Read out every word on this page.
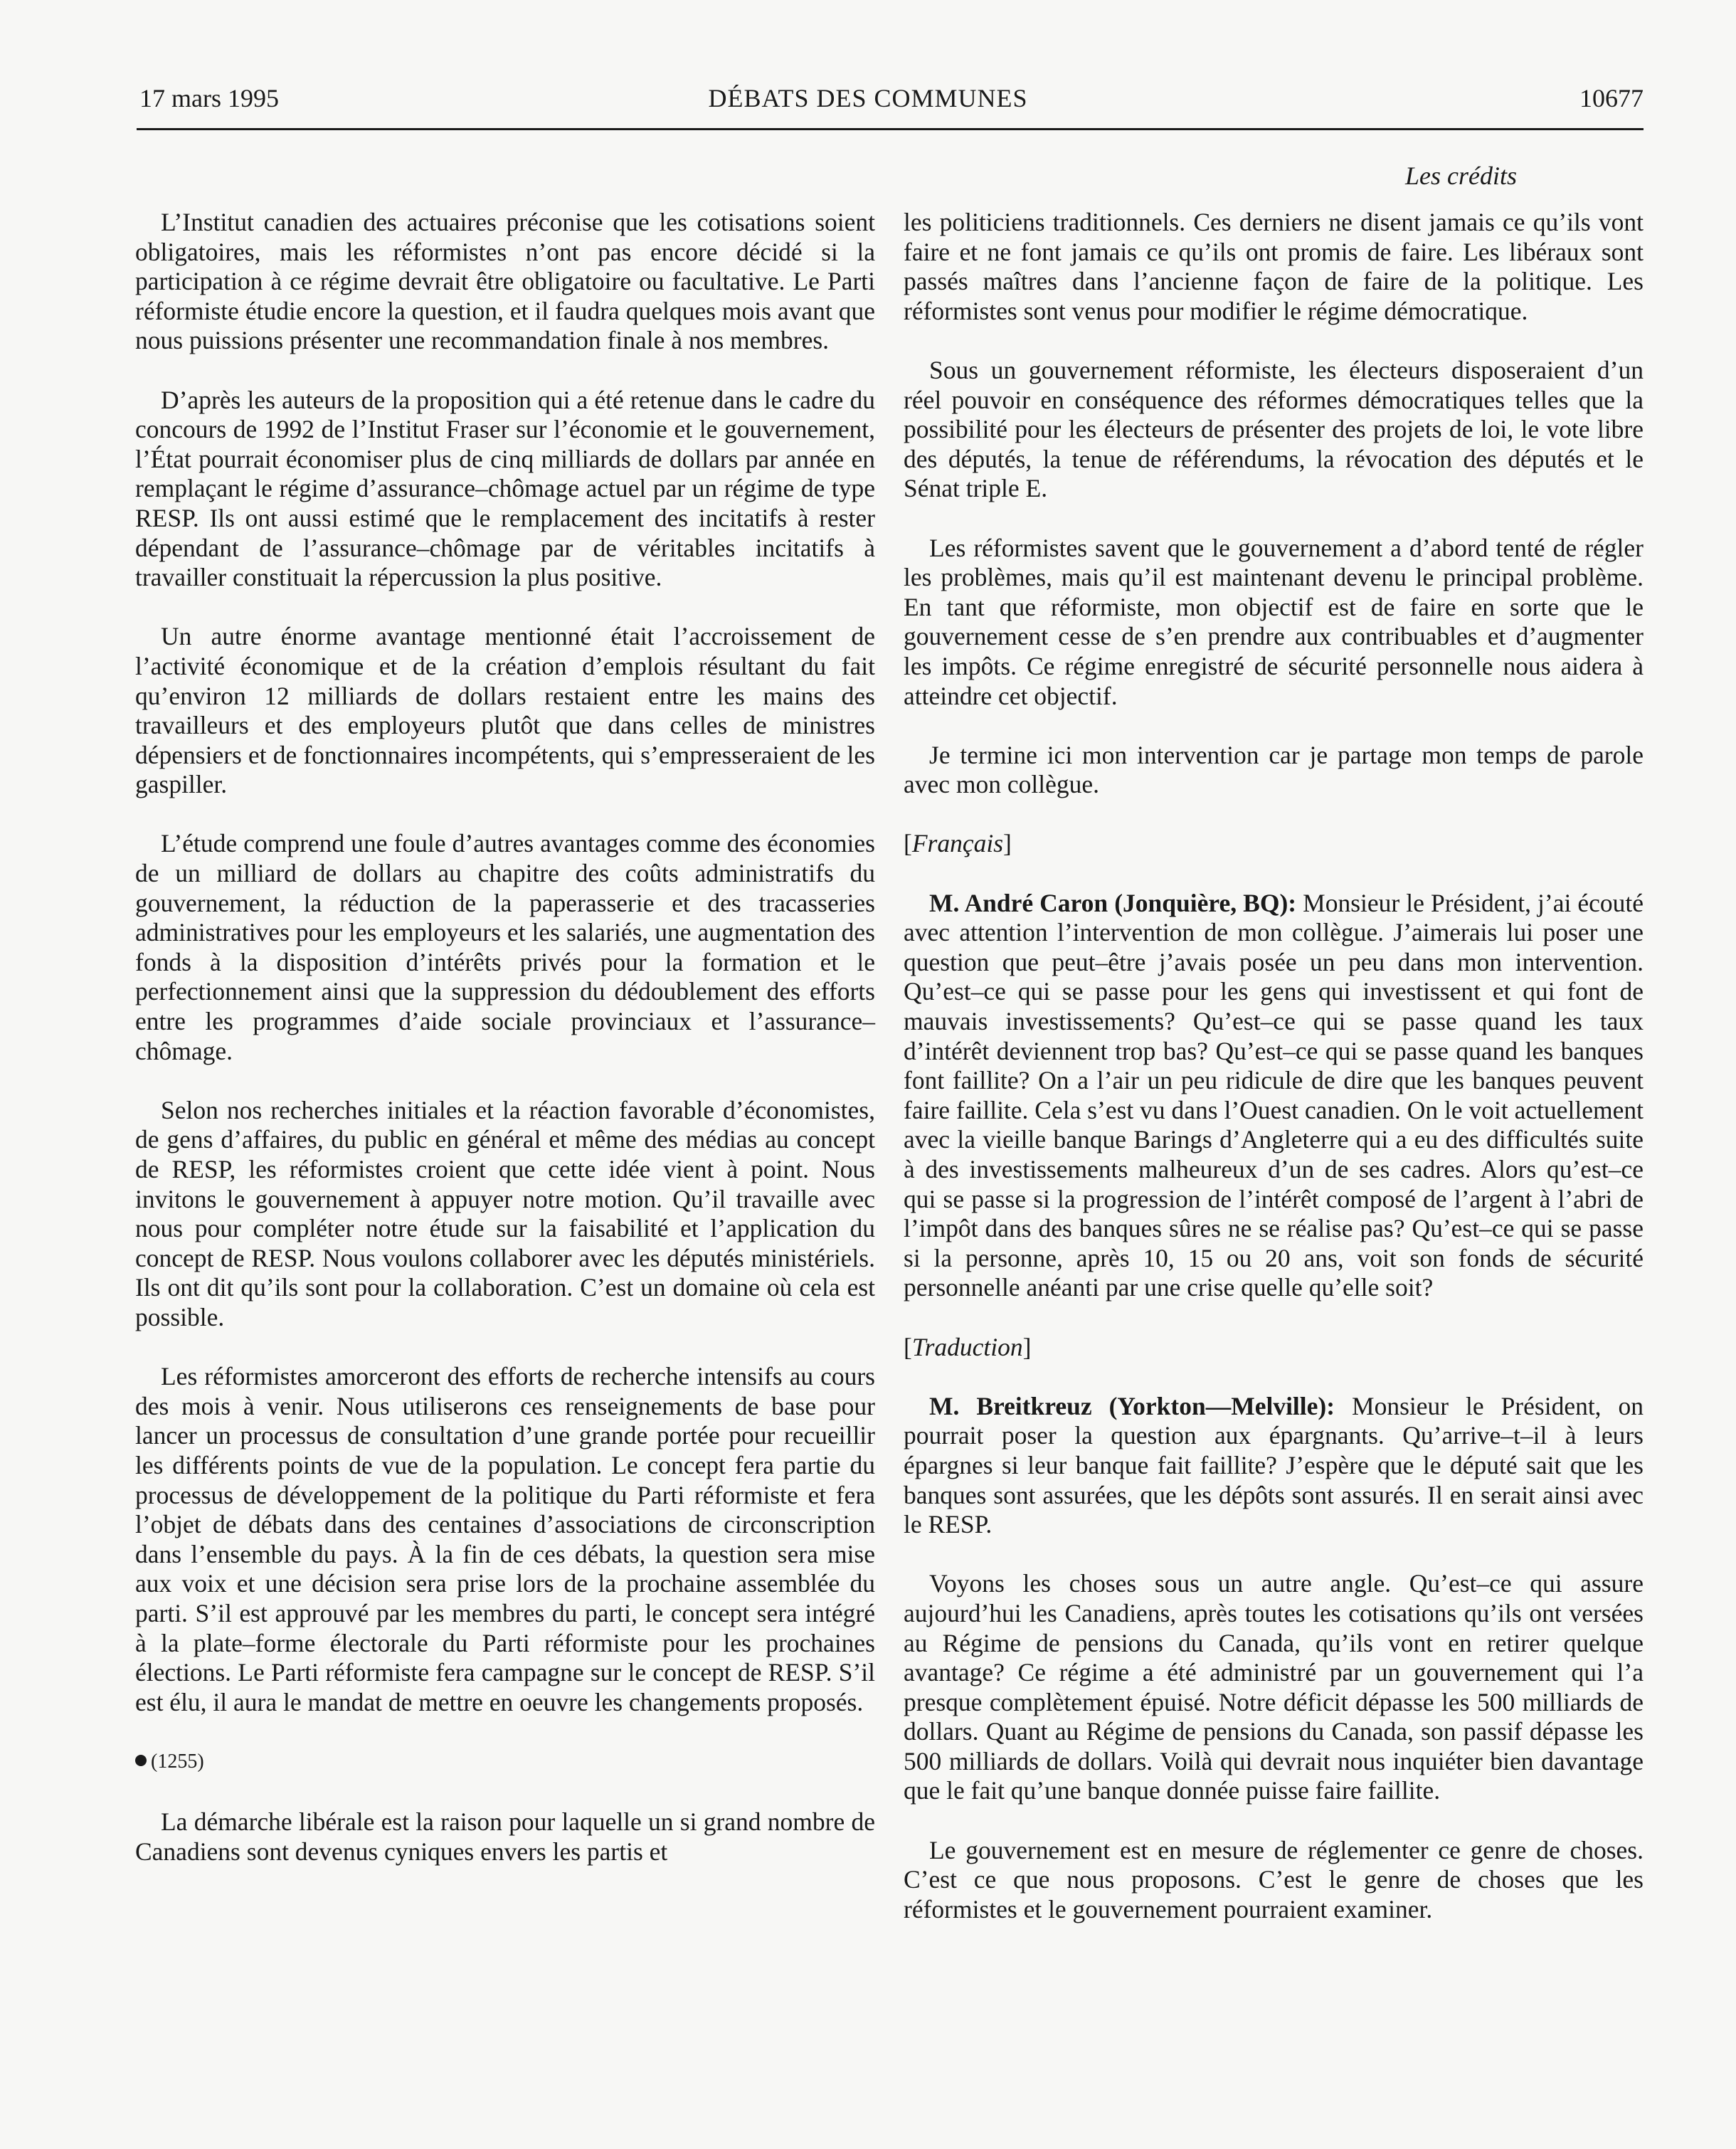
17 mars 1995	DÉBATS DES COMMUNES	10677
Les crédits

L’Institut canadien des actuaires préconise que les cotisations soient obligatoires, mais les réformistes n’ont pas encore décidé si la participation à ce régime devrait être obligatoire ou facultative. Le Parti réformiste étudie encore la question, et il faudra quelques mois avant que nous puissions présenter une recommandation finale à nos membres.

D’après les auteurs de la proposition qui a été retenue dans le cadre du concours de 1992 de l’Institut Fraser sur l’économie et le gouvernement, l’État pourrait économiser plus de cinq milliards de dollars par année en remplaçant le régime d’assurance–chômage actuel par un régime de type RESP. Ils ont aussi estimé que le remplacement des incitatifs à rester dépendant de l’assurance–chômage par de véritables incitatifs à travailler constituait la répercussion la plus positive.

Un autre énorme avantage mentionné était l’accroissement de l’activité économique et de la création d’emplois résultant du fait qu’environ 12 milliards de dollars restaient entre les mains des travailleurs et des employeurs plutôt que dans celles de ministres dépensiers et de fonctionnaires incompétents, qui s’empresseraient de les gaspiller.

L’étude comprend une foule d’autres avantages comme des économies de un milliard de dollars au chapitre des coûts administratifs du gouvernement, la réduction de la paperasserie et des tracasseries administratives pour les employeurs et les salariés, une augmentation des fonds à la disposition d’intérêts privés pour la formation et le perfectionnement ainsi que la suppression du dédoublement des efforts entre les programmes d’aide sociale provinciaux et l’assurance–chômage.

Selon nos recherches initiales et la réaction favorable d’économistes, de gens d’affaires, du public en général et même des médias au concept de RESP, les réformistes croient que cette idée vient à point. Nous invitons le gouvernement à appuyer notre motion. Qu’il travaille avec nous pour compléter notre étude sur la faisabilité et l’application du concept de RESP. Nous voulons collaborer avec les députés ministériels. Ils ont dit qu’ils sont pour la collaboration. C’est un domaine où cela est possible.

Les réformistes amorceront des efforts de recherche intensifs au cours des mois à venir. Nous utiliserons ces renseignements de base pour lancer un processus de consultation d’une grande portée pour recueillir les différents points de vue de la population. Le concept fera partie du processus de développement de la politique du Parti réformiste et fera l’objet de débats dans des centaines d’associations de circonscription dans l’ensemble du pays. À la fin de ces débats, la question sera mise aux voix et une décision sera prise lors de la prochaine assemblée du parti. S’il est approuvé par les membres du parti, le concept sera intégré à la plate–forme électorale du Parti réformiste pour les prochaines élections. Le Parti réformiste fera campagne sur le concept de RESP. S’il est élu, il aura le mandat de mettre en oeuvre les changements proposés.

(1255)

La démarche libérale est la raison pour laquelle un si grand nombre de Canadiens sont devenus cyniques envers les partis et

les politiciens traditionnels. Ces derniers ne disent jamais ce qu’ils vont faire et ne font jamais ce qu’ils ont promis de faire. Les libéraux sont passés maîtres dans l’ancienne façon de faire de la politique. Les réformistes sont venus pour modifier le régime démocratique.

Sous un gouvernement réformiste, les électeurs disposeraient d’un réel pouvoir en conséquence des réformes démocratiques telles que la possibilité pour les électeurs de présenter des projets de loi, le vote libre des députés, la tenue de référendums, la révocation des députés et le Sénat triple E.

Les réformistes savent que le gouvernement a d’abord tenté de régler les problèmes, mais qu’il est maintenant devenu le principal problème. En tant que réformiste, mon objectif est de faire en sorte que le gouvernement cesse de s’en prendre aux contribuables et d’augmenter les impôts. Ce régime enregistré de sécurité personnelle nous aidera à atteindre cet objectif.

Je termine ici mon intervention car je partage mon temps de parole avec mon collègue.

[Français]

M. André Caron (Jonquière, BQ): Monsieur le Président, j’ai écouté avec attention l’intervention de mon collègue. J’aimerais lui poser une question que peut–être j’avais posée un peu dans mon intervention. Qu’est–ce qui se passe pour les gens qui investissent et qui font de mauvais investissements? Qu’est–ce qui se passe quand les taux d’intérêt deviennent trop bas? Qu’est–ce qui se passe quand les banques font faillite? On a l’air un peu ridicule de dire que les banques peuvent faire faillite. Cela s’est vu dans l’Ouest canadien. On le voit actuellement avec la vieille banque Barings d’Angleterre qui a eu des difficultés suite à des investissements malheureux d’un de ses cadres. Alors qu’est–ce qui se passe si la progression de l’intérêt composé de l’argent à l’abri de l’impôt dans des banques sûres ne se réalise pas? Qu’est–ce qui se passe si la personne, après 10, 15 ou 20 ans, voit son fonds de sécurité personnelle anéanti par une crise quelle qu’elle soit?

[Traduction]

M. Breitkreuz (Yorkton—Melville): Monsieur le Président, on pourrait poser la question aux épargnants. Qu’arrive–t–il à leurs épargnes si leur banque fait faillite? J’espère que le député sait que les banques sont assurées, que les dépôts sont assurés. Il en serait ainsi avec le RESP.

Voyons les choses sous un autre angle. Qu’est–ce qui assure aujourd’hui les Canadiens, après toutes les cotisations qu’ils ont versées au Régime de pensions du Canada, qu’ils vont en retirer quelque avantage? Ce régime a été administré par un gouvernement qui l’a presque complètement épuisé. Notre déficit dépasse les 500 milliards de dollars. Quant au Régime de pensions du Canada, son passif dépasse les 500 milliards de dollars. Voilà qui devrait nous inquiéter bien davantage que le fait qu’une banque donnée puisse faire faillite.

Le gouvernement est en mesure de réglementer ce genre de choses. C’est ce que nous proposons. C’est le genre de choses que les réformistes et le gouvernement pourraient examiner.
